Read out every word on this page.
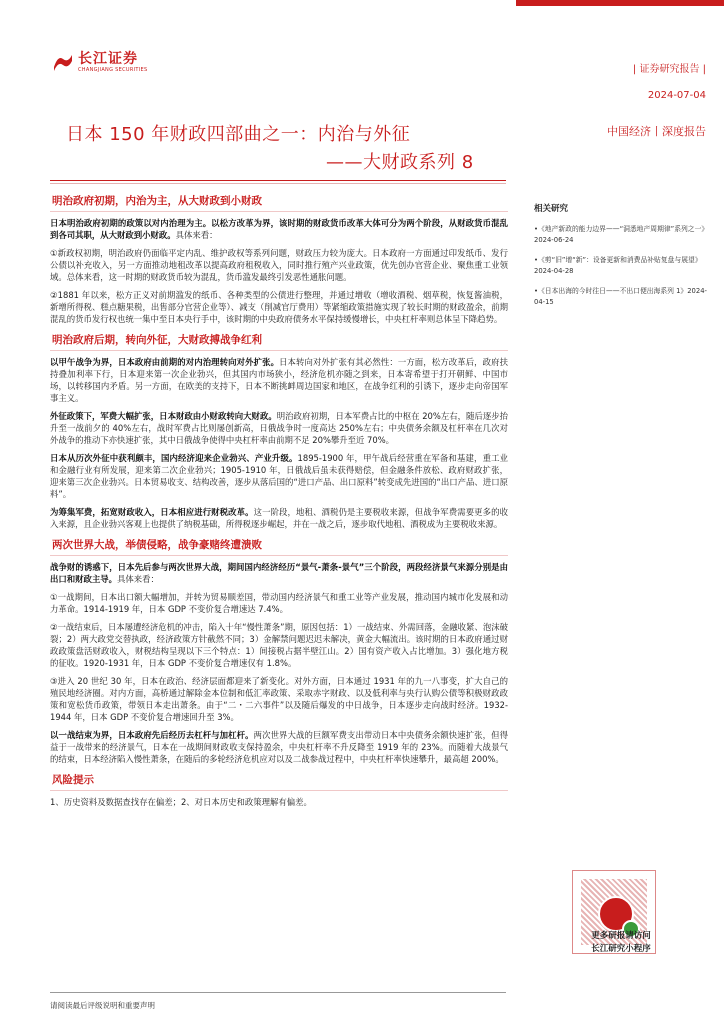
长江证券
CHANGJIANG SECURITIES	| 证券研究报告 |
2024-07-04
中国经济丨深度报告
日本 150 年财政四部曲之一：内治与外征
——大财政系列 8
明治政府初期，内治为主，从大财政到小财政

日本明治政府初期的政策以对内治理为主。以松方改革为界，该时期的财政货币改革大体可分为两个阶段，从财政货币混乱到各司其职，从大财政到小财政。具体来看：

①新政权初期，明治政府仍面临平定内乱、维护政权等系列问题，财政压力较为庞大。日本政府一方面通过印发纸币、发行公债以补充收入，另一方面推动地租改革以提高政府租税收入，同时推行殖产兴业政策，优先创办官营企业、聚焦重工业领域。总体来看，这一时期的财政货币较为混乱，货币滥发最终引发恶性通胀问题。

②1881 年以来，松方正义对前期滥发的纸币、各种类型的公债进行整理，并通过增收（增收酒税、烟草税，恢复酱油税，新增所得税、糕点糖果税，出售部分官营企业等）、减支（削减官厅费用）等紧缩政策措施实现了较长时期的财政盈余，前期混乱的货币发行权也统一集中至日本央行手中，该时期的中央政府债务水平保持缓慢增长，中央杠杆率则总体呈下降趋势。

明治政府后期，转向外征，大财政搏战争红利

以甲午战争为界，日本政府由前期的对内治理转向对外扩张。日本转向对外扩张有其必然性：一方面，松方改革后，政府扶持叠加利率下行，日本迎来第一次企业勃兴，但其国内市场狭小，经济危机亦随之到来，日本寄希望于打开朝鲜、中国市场，以转移国内矛盾。另一方面，在欧美的支持下，日本不断挑衅周边国家和地区，在战争红利的引诱下，逐步走向帝国军事主义。

外征政策下，军费大幅扩张，日本财政由小财政转向大财政。明治政府初期，日本军费占比的中枢在 20%左右，随后逐步抬升至一战前夕的 40%左右，战时军费占比则屡创新高，日俄战争时一度高达 250%左右；中央债务余额及杠杆率在几次对外战争的推动下亦快速扩张，其中日俄战争使得中央杠杆率由前期不足 20%攀升至近 70%。

日本从历次外征中获利颇丰，国内经济迎来企业勃兴、产业升级。1895-1900 年，甲午战后经营重在军备和基建，重工业和金融行业有所发展，迎来第二次企业勃兴；1905-1910 年，日俄战后虽未获得赔偿，但金融条件放松、政府财政扩张，迎来第三次企业勃兴。日本贸易收支、结构改善，逐步从落后国的“进口产品、出口原料”转变成先进国的“出口产品、进口原料”。

为筹集军费，拓宽财政收入，日本相应进行财税改革。这一阶段，地租、酒税仍是主要税收来源，但战争军费需要更多的收入来源，且企业勃兴客观上也提供了纳税基础，所得税逐步崛起，并在一战之后，逐步取代地租、酒税成为主要税收来源。

两次世界大战，举债侵略，战争豪赌终遭溃败

战争财的诱惑下，日本先后参与两次世界大战，期间国内经济经历“景气-萧条-景气”三个阶段，两段经济景气来源分别是由出口和财政主导。具体来看：

①一战期间，日本出口额大幅增加，并转为贸易顺差国，带动国内经济景气和重工业等产业发展，推动国内城市化发展和动力革命。1914-1919 年，日本 GDP 不变价复合增速达 7.4%。

②一战结束后，日本屡遭经济危机的冲击，陷入十年“慢性萧条”期，原因包括：1）一战结束、外需回落，金融收紧、泡沫破裂；2）两大政党交替执政，经济政策方针截然不同；3）金解禁问题迟迟未解决，黄金大幅流出。该时期的日本政府通过财政政策盘活财政收入，财税结构呈现以下三个特点：1）间接税占据半壁江山。2）国有资产收入占比增加。3）强化地方税的征收。1920-1931 年，日本 GDP 不变价复合增速仅有 1.8%。

③进入 20 世纪 30 年，日本在政治、经济层面都迎来了新变化。对外方面，日本通过 1931 年的九一八事变，扩大自己的殖民地经济圈。对内方面，高桥通过解除金本位制和低汇率政策、采取赤字财政、以及低利率与央行认购公债等积极财政政策和宽松货币政策，带领日本走出萧条。由于“二・二六事件”以及随后爆发的中日战争，日本逐步走向战时经济。1932-1944 年，日本 GDP 不变价复合增速回升至 3%。

以一战结束为界，日本政府先后经历去杠杆与加杠杆。两次世界大战的巨额军费支出带动日本中央债务余额快速扩张，但得益于一战带来的经济景气，日本在一战期间财政收支保持盈余，中央杠杆率不升反降至 1919 年的 23%。而随着大战景气的结束，日本经济陷入慢性萧条，在随后的多轮经济危机应对以及二战参战过程中，中央杠杆率快速攀升，最高超 200%。

风险提示

1、历史资料及数据查找存在偏差；2、对日本历史和政策理解有偏差。

相关研究
•《地产新政的能力边界——“洞悉地产周期律”系列之一》2024-06-24
•《剪“旧”增“新”：设备更新和消费品补贴复盘与展望》2024-04-28
•《日本出海的今时往日——不出口便出海系列 1》2024-04-15
更多研报请访问
长江研究小程序
请阅读最后评级说明和重要声明
